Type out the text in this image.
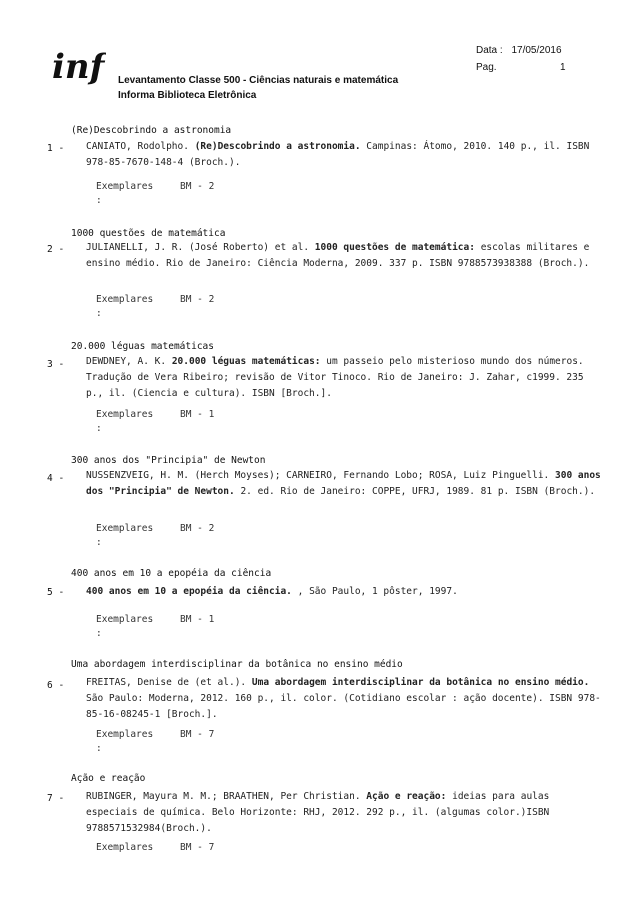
inf	Data : 17/05/2016
Pag.	1
Levantamento Classe 500 - Ciências naturais e matemática
Informa Biblioteca Eletrônica
(Re)Descobrindo a astronomia
1 - CANIATO, Rodolpho. (Re)Descobrindo a astronomia. Campinas: Átomo, 2010. 140 p., il. ISBN 978-85-7670-148-4 (Broch.).

Exemplares

	BM - 2

:

1000 questões de matemática
2 - JULIANELLI, J. R. (José Roberto) et al. 1000 questões de matemática: escolas militares e ensino médio. Rio de Janeiro: Ciência Moderna, 2009. 337 p. ISBN 9788573938388 (Broch.).

Exemplares

	BM - 2

:

20.000 léguas matemáticas
3 - DEWDNEY, A. K. 20.000 léguas matemáticas: um passeio pelo misterioso mundo dos números. Tradução de Vera Ribeiro; revisão de Vitor Tinoco. Rio de Janeiro: J. Zahar, c1999. 235 p., il. (Ciencia e cultura). ISBN [Broch.].

Exemplares

	BM - 1

:

300 anos dos "Principia" de Newton
4 - NUSSENZVEIG, H. M. (Herch Moyses); CARNEIRO, Fernando Lobo; ROSA, Luiz Pinguelli. 300 anos dos "Principia" de Newton. 2. ed. Rio de Janeiro: COPPE, UFRJ, 1989. 81 p. ISBN (Broch.).

Exemplares

	BM - 2

:

400 anos em 10 a epopéia da ciência
5 - 400 anos em 10 a epopéia da ciência. , São Paulo, 1 pôster, 1997.

Exemplares

	BM - 1

:

Uma abordagem interdisciplinar da botânica no ensino médio
6 - FREITAS, Denise de (et al.). Uma abordagem interdisciplinar da botânica no ensino médio. São Paulo: Moderna, 2012. 160 p., il. color. (Cotidiano escolar : ação docente). ISBN 978-85-16-08245-1 [Broch.].

Exemplares

	BM - 7

:

Ação e reação
7 - RUBINGER, Mayura M. M.; BRAATHEN, Per Christian. Ação e reação: ideias para aulas especiais de química. Belo Horizonte: RHJ, 2012. 292 p., il. (algumas color.)ISBN 9788571532984(Broch.).

Exemplares

	BM - 7
